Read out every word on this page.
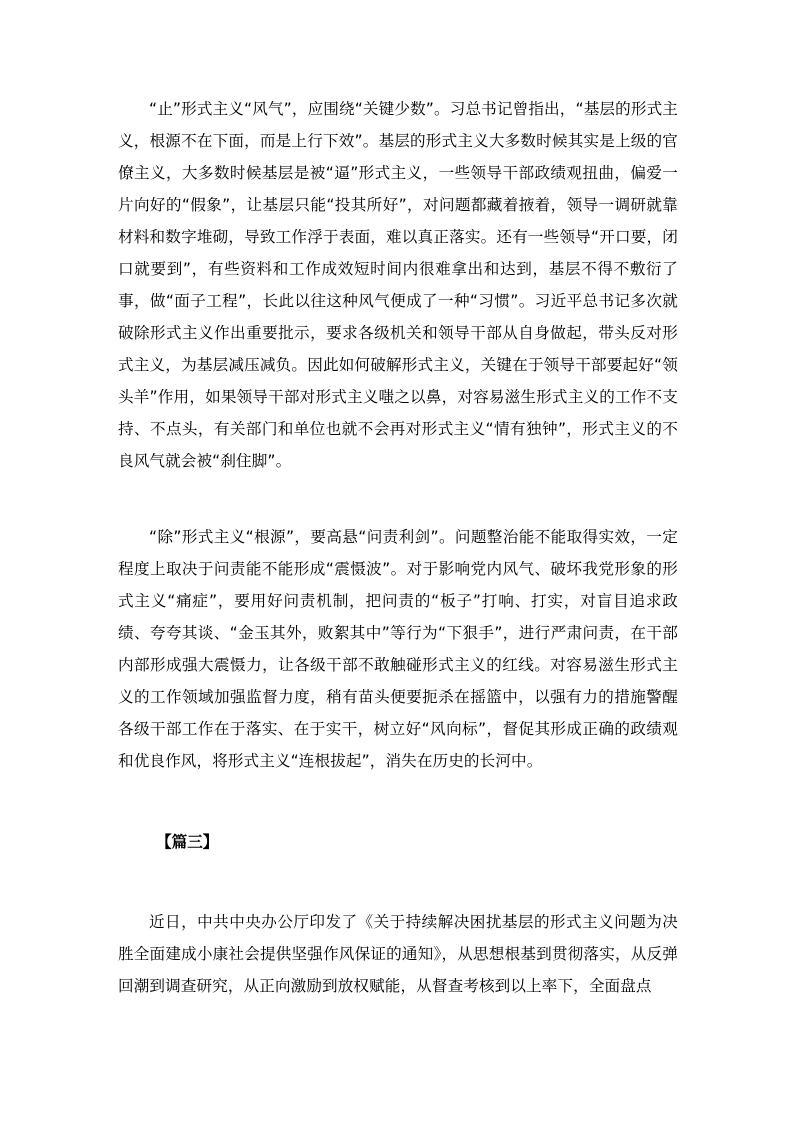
“止”形式主义“风气”，应围绕“关键少数”。习总书记曾指出，“基层的形式主义，根源不在下面，而是上行下效”。基层的形式主义大多数时候其实是上级的官僚主义，大多数时候基层是被“逼”形式主义，一些领导干部政绩观扭曲，偏爱一片向好的“假象”，让基层只能“投其所好”，对问题都藏着掖着，领导一调研就靠材料和数字堆砌，导致工作浮于表面，难以真正落实。还有一些领导“开口要，闭口就要到”，有些资料和工作成效短时间内很难拿出和达到，基层不得不敷衍了事，做“面子工程”，长此以往这种风气便成了一种“习惯”。习近平总书记多次就破除形式主义作出重要批示，要求各级机关和领导干部从自身做起，带头反对形式主义，为基层减压减负。因此如何破解形式主义，关键在于领导干部要起好“领头羊”作用，如果领导干部对形式主义嗤之以鼻，对容易滋生形式主义的工作不支持、不点头，有关部门和单位也就不会再对形式主义“情有独钟”，形式主义的不良风气就会被“刹住脚”。

“除”形式主义“根源”，要高悬“问责利剑”。问题整治能不能取得实效，一定程度上取决于问责能不能形成“震慑波”。对于影响党内风气、破坏我党形象的形式主义“痛症”，要用好问责机制，把问责的“板子”打响、打实，对盲目追求政绩、夸夸其谈、“金玉其外，败絮其中”等行为“下狠手”，进行严肃问责，在干部内部形成强大震慑力，让各级干部不敢触碰形式主义的红线。对容易滋生形式主义的工作领域加强监督力度，稍有苗头便要扼杀在摇篮中，以强有力的措施警醒各级干部工作在于落实、在于实干，树立好“风向标”，督促其形成正确的政绩观和优良作风，将形式主义“连根拔起”，消失在历史的长河中。

【篇三】

近日，中共中央办公厅印发了《关于持续解决困扰基层的形式主义问题为决胜全面建成小康社会提供坚强作风保证的通知》，从思想根基到贯彻落实，从反弹回潮到调查研究，从正向激励到放权赋能，从督查考核到以上率下，全面盘点
